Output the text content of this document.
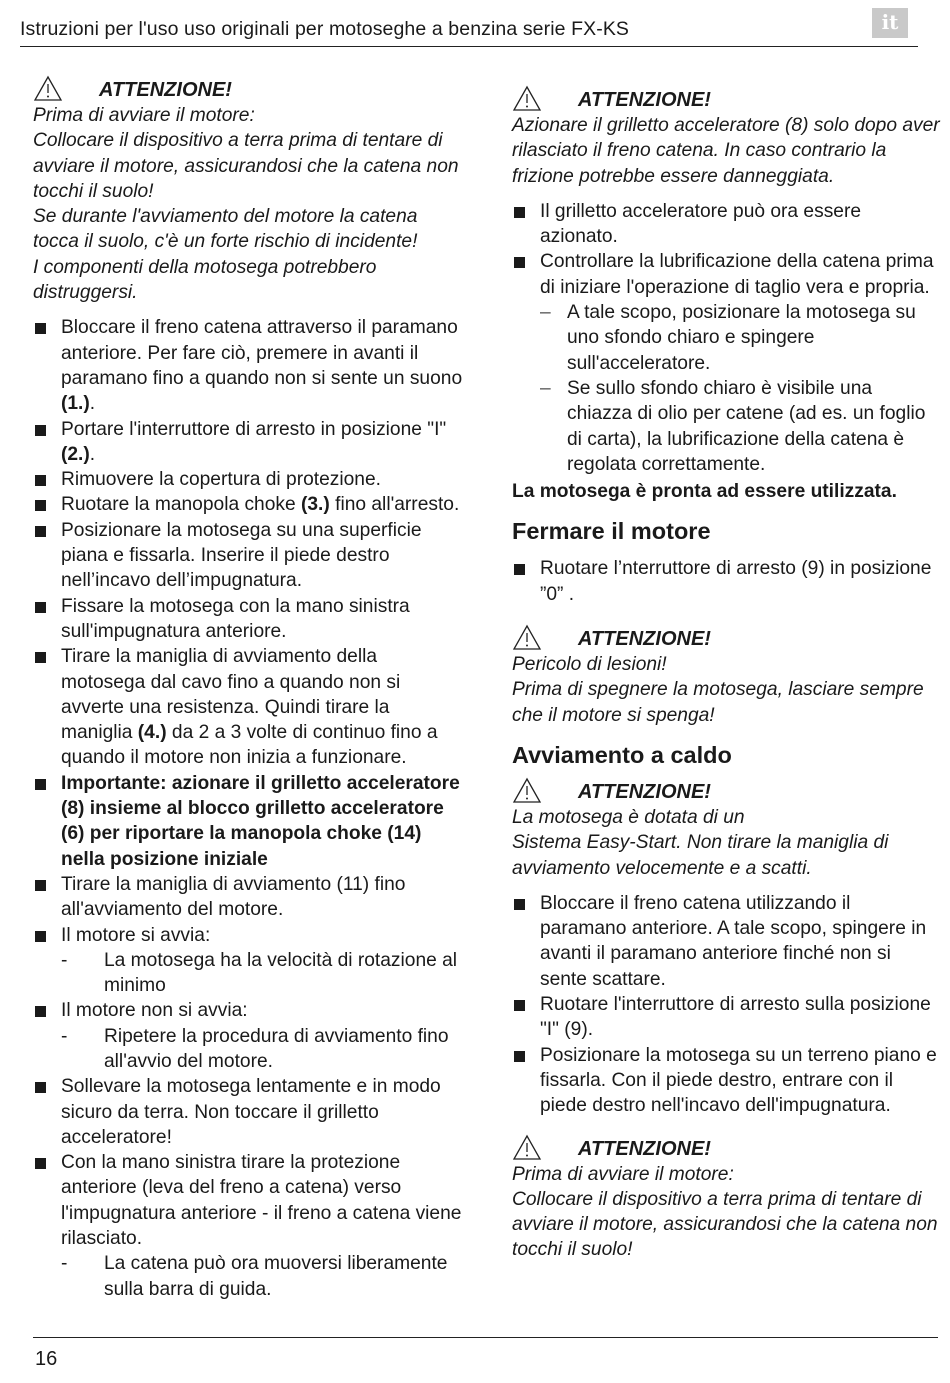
Istruzioni per l'uso uso originali per motoseghe a benzina serie FX-KS	it
ATTENZIONE!
Prima di avviare il motore:
Collocare il dispositivo a terra prima di tentare di avviare il motore, assicurandosi che la catena non tocchi il suolo!
Se durante l'avviamento del motore la catena tocca il suolo, c'è un forte rischio di incidente!
I componenti della motosega potrebbero distruggersi.
Bloccare il freno catena attraverso il paramano anteriore. Per fare ciò, premere in avanti il paramano fino a quando non si sente un suono (1.).
Portare l'interruttore di arresto in posizione "I" (2.).
Rimuovere la copertura di protezione.
Ruotare la manopola choke (3.) fino all'arresto.
Posizionare la motosega su una superficie piana e fissarla. Inserire il piede destro nell’incavo dell’impugnatura.
Fissare la motosega con la mano sinistra sull'impugnatura anteriore.
Tirare la maniglia di avviamento della motosega dal cavo fino a quando non si avverte una resistenza. Quindi tirare la maniglia (4.) da 2 a 3 volte di continuo fino a quando il motore non inizia a funzionare.
Importante: azionare il grilletto acceleratore (8) insieme al blocco grilletto acceleratore (6) per riportare la manopola choke (14) nella posizione iniziale
Tirare la maniglia di avviamento (11) fino all'avviamento del motore.
Il motore si avvia:
- La motosega ha la velocità di rotazione al minimo
Il motore non si avvia:
- Ripetere la procedura di avviamento fino all'avvio del motore.
Sollevare la motosega lentamente e in modo sicuro da terra. Non toccare il grilletto acceleratore!
Con la mano sinistra tirare la protezione anteriore (leva del freno a catena) verso l'impugnatura anteriore - il freno a catena viene rilasciato.
- La catena può ora muoversi liberamente sulla barra di guida.
ATTENZIONE!
Azionare il grilletto acceleratore (8) solo dopo aver rilasciato il freno catena. In caso contrario la frizione potrebbe essere danneggiata.
Il grilletto acceleratore può ora essere azionato.
Controllare la lubrificazione della catena prima di iniziare l'operazione di taglio vera e propria.
– A tale scopo, posizionare la motosega su uno sfondo chiaro e spingere sull'acceleratore.
– Se sullo sfondo chiaro è visibile una chiazza di olio per catene (ad es. un foglio di carta), la lubrificazione della catena è regolata correttamente.
La motosega è pronta ad essere utilizzata.
Fermare il motore
Ruotare l’nterruttore di arresto (9) in posizione ”0” .
ATTENZIONE!
Pericolo di lesioni!
Prima di spegnere la motosega, lasciare sempre che il motore si spenga!
Avviamento a caldo
ATTENZIONE!
La motosega è dotata di un
Sistema Easy-Start. Non tirare la maniglia di avviamento velocemente e a scatti.
Bloccare il freno catena utilizzando il paramano anteriore. A tale scopo, spingere in avanti il paramano anteriore finché non si sente scattare.
Ruotare l'interruttore di arresto sulla posizione "I" (9).
Posizionare la motosega su un terreno piano e fissarla. Con il piede destro, entrare con il piede destro nell'incavo dell'impugnatura.
ATTENZIONE!
Prima di avviare il motore:
Collocare il dispositivo a terra prima di tentare di avviare il motore, assicurandosi che la catena non tocchi il suolo!
16
